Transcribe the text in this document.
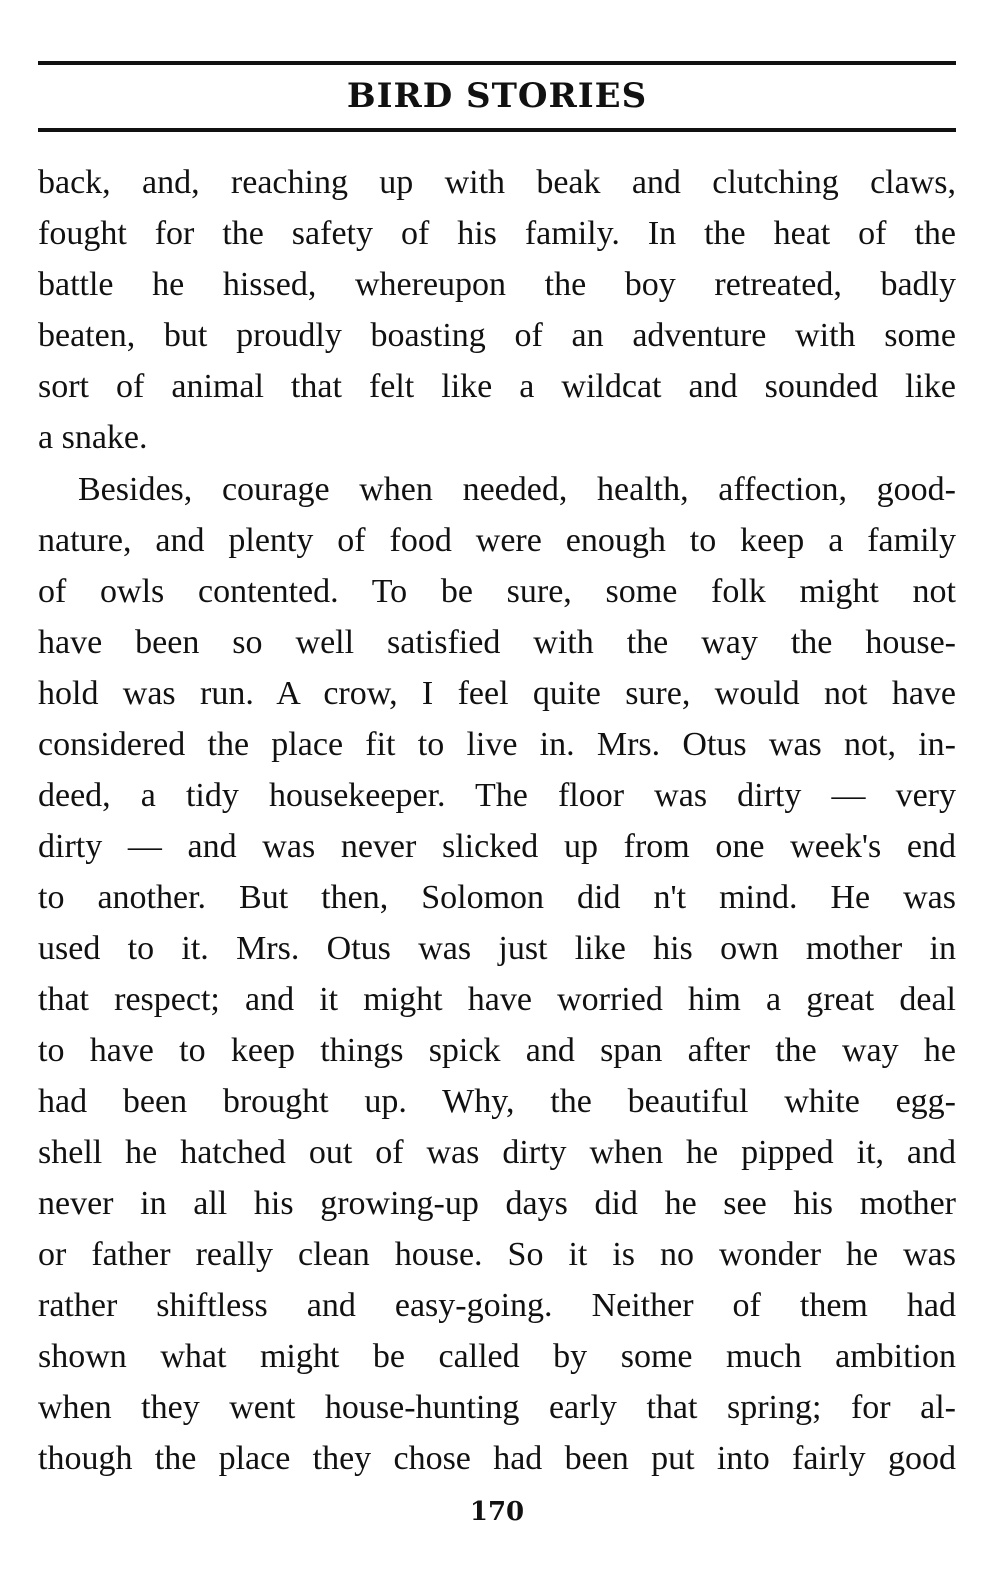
BIRD STORIES
back, and, reaching up with beak and clutching claws,
fought for the safety of his family. In the heat of the
battle he hissed, whereupon the boy retreated, badly
beaten, but proudly boasting of an adventure with some
sort of animal that felt like a wildcat and sounded like
a snake.
Besides, courage when needed, health, affection, good-
nature, and plenty of food were enough to keep a family
of owls contented. To be sure, some folk might not
have been so well satisfied with the way the house-
hold was run. A crow, I feel quite sure, would not have
considered the place fit to live in. Mrs. Otus was not, in-
deed, a tidy housekeeper. The floor was dirty — very
dirty — and was never slicked up from one week's end
to another. But then, Solomon did n't mind. He was
used to it. Mrs. Otus was just like his own mother in
that respect; and it might have worried him a great deal
to have to keep things spick and span after the way he
had been brought up. Why, the beautiful white egg-
shell he hatched out of was dirty when he pipped it, and
never in all his growing-up days did he see his mother
or father really clean house. So it is no wonder he was
rather shiftless and easy-going. Neither of them had
shown what might be called by some much ambition
when they went house-hunting early that spring; for al-
though the place they chose had been put into fairly good
170
